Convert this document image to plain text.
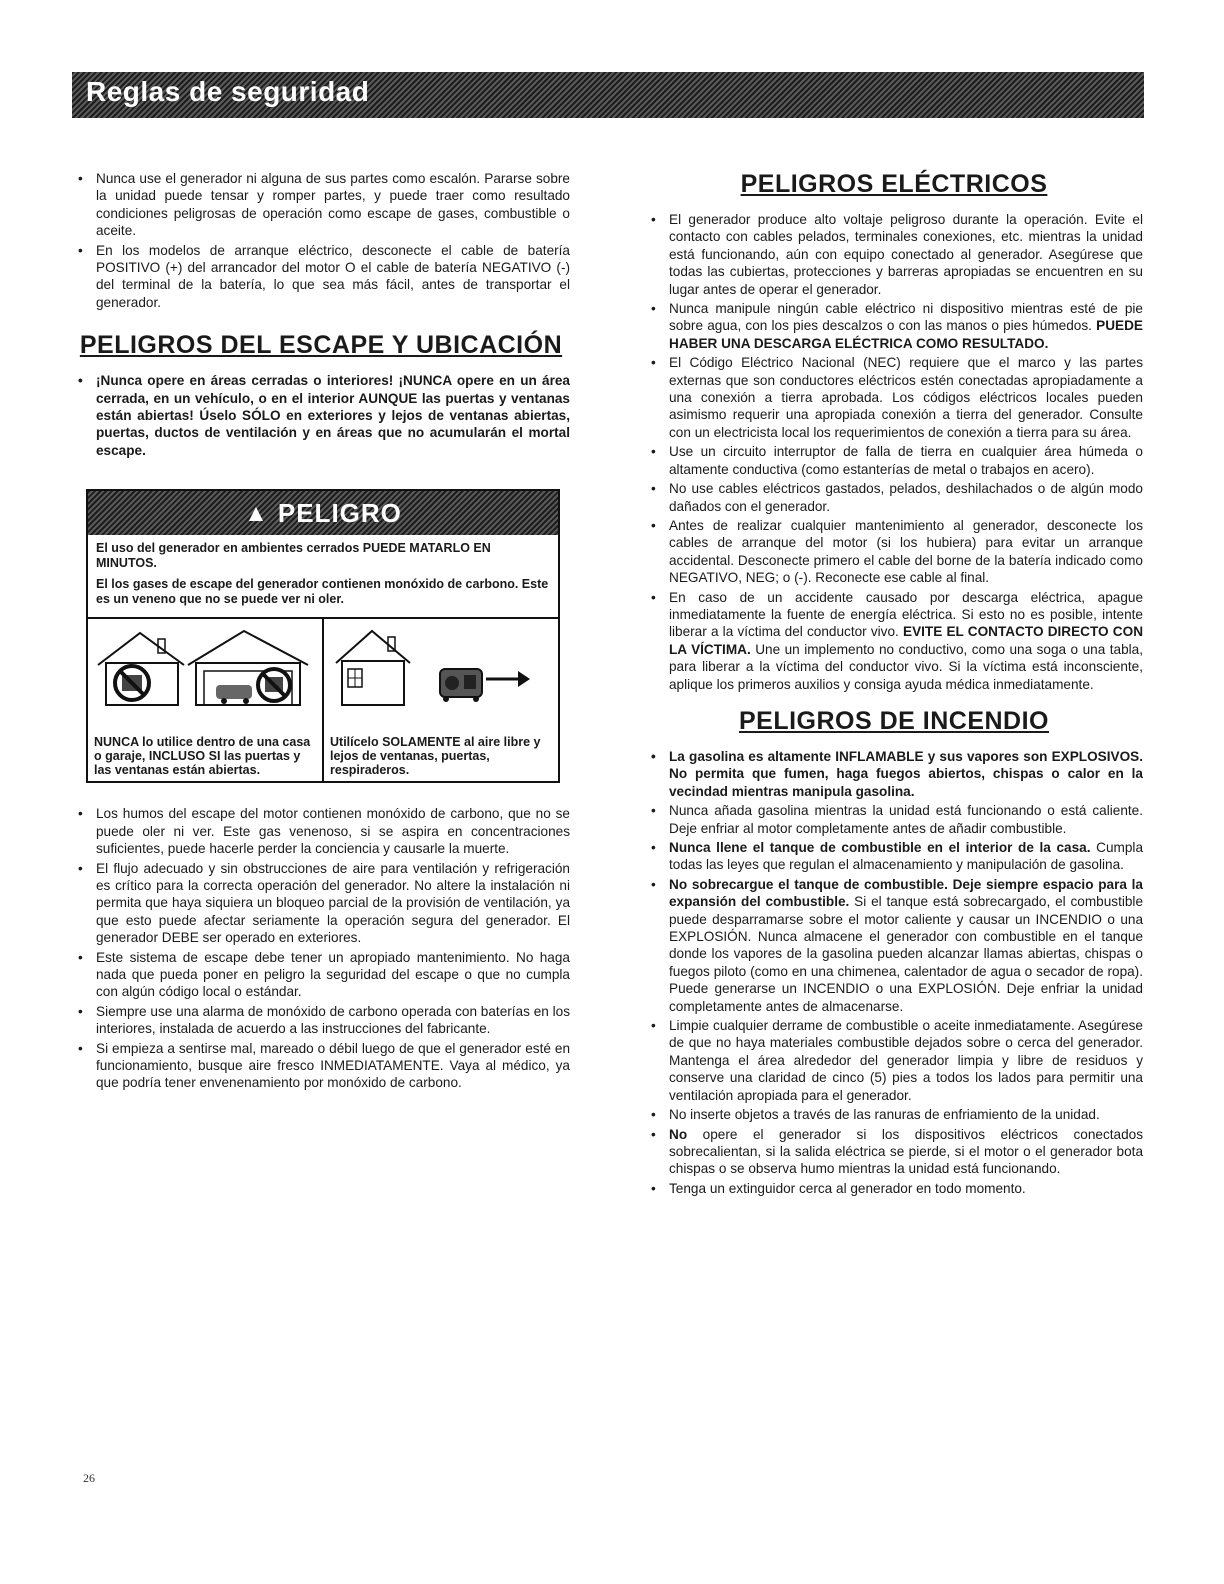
Reglas de seguridad
• Nunca use el generador ni alguna de sus partes como escalón. Pararse sobre la unidad puede tensar y romper partes, y puede traer como resultado condiciones peligrosas de operación como escape de gases, combustible o aceite.
• En los modelos de arranque eléctrico, desconecte el cable de batería POSITIVO (+) del arrancador del motor O el cable de batería NEGATIVO (-) del terminal de la batería, lo que sea más fácil, antes de transportar el generador.
PELIGROS DEL ESCAPE Y UBICACIÓN
• ¡Nunca opere en áreas cerradas o interiores! ¡NUNCA opere en un área cerrada, en un vehículo, o en el interior AUNQUE las puertas y ventanas están abiertas! Úselo SÓLO en exteriores y lejos de ventanas abiertas, puertas, ductos de ventilación y en áreas que no acumularán el mortal escape.
▲ PELIGRO

El uso del generador en ambientes cerrados PUEDE MATARLO EN MINUTOS.

El los gases de escape del generador contienen monóxido de carbono. Este es un veneno que no se puede ver ni oler.

NUNCA lo utilice dentro de una casa o garaje, INCLUSO SI las puertas y las ventanas están abiertas.
Utilícelo SOLAMENTE al aire libre y lejos de ventanas, puertas, respiraderos.
• Los humos del escape del motor contienen monóxido de carbono, que no se puede oler ni ver. Este gas venenoso, si se aspira en concentraciones suficientes, puede hacerle perder la conciencia y causarle la muerte.
• El flujo adecuado y sin obstrucciones de aire para ventilación y refrigeración es crítico para la correcta operación del generador. No altere la instalación ni permita que haya siquiera un bloqueo parcial de la provisión de ventilación, ya que esto puede afectar seriamente la operación segura del generador. El generador DEBE ser operado en exteriores.
• Este sistema de escape debe tener un apropiado mantenimiento. No haga nada que pueda poner en peligro la seguridad del escape o que no cumpla con algún código local o estándar.
• Siempre use una alarma de monóxido de carbono operada con baterías en los interiores, instalada de acuerdo a las instrucciones del fabricante.
• Si empieza a sentirse mal, mareado o débil luego de que el generador esté en funcionamiento, busque aire fresco INMEDIATAMENTE. Vaya al médico, ya que podría tener envenenamiento por monóxido de carbono.
PELIGROS ELÉCTRICOS
• El generador produce alto voltaje peligroso durante la operación. Evite el contacto con cables pelados, terminales conexiones, etc. mientras la unidad está funcionando, aún con equipo conectado al generador. Asegúrese que todas las cubiertas, protecciones y barreras apropiadas se encuentren en su lugar antes de operar el generador.
• Nunca manipule ningún cable eléctrico ni dispositivo mientras esté de pie sobre agua, con los pies descalzos o con las manos o pies húmedos. PUEDE HABER UNA DESCARGA ELÉCTRICA COMO RESULTADO.
• El Código Eléctrico Nacional (NEC) requiere que el marco y las partes externas que son conductores eléctricos estén conectadas apropiadamente a una conexión a tierra aprobada. Los códigos eléctricos locales pueden asimismo requerir una apropiada conexión a tierra del generador. Consulte con un electricista local los requerimientos de conexión a tierra para su área.
• Use un circuito interruptor de falla de tierra en cualquier área húmeda o altamente conductiva (como estanterías de metal o trabajos en acero).
• No use cables eléctricos gastados, pelados, deshilachados o de algún modo dañados con el generador.
• Antes de realizar cualquier mantenimiento al generador, desconecte los cables de arranque del motor (si los hubiera) para evitar un arranque accidental. Desconecte primero el cable del borne de la batería indicado como NEGATIVO, NEG; o (-). Reconecte ese cable al final.
• En caso de un accidente causado por descarga eléctrica, apague inmediatamente la fuente de energía eléctrica. Si esto no es posible, intente liberar a la víctima del conductor vivo. EVITE EL CONTACTO DIRECTO CON LA VÍCTIMA. Une un implemento no conductivo, como una soga o una tabla, para liberar a la víctima del conductor vivo. Si la víctima está inconsciente, aplique los primeros auxilios y consiga ayuda médica inmediatamente.
PELIGROS DE INCENDIO
• La gasolina es altamente INFLAMABLE y sus vapores son EXPLOSIVOS. No permita que fumen, haga fuegos abiertos, chispas o calor en la vecindad mientras manipula gasolina.
• Nunca añada gasolina mientras la unidad está funcionando o está caliente. Deje enfriar al motor completamente antes de añadir combustible.
• Nunca llene el tanque de combustible en el interior de la casa. Cumpla todas las leyes que regulan el almacenamiento y manipulación de gasolina.
• No sobrecargue el tanque de combustible. Deje siempre espacio para la expansión del combustible. Si el tanque está sobrecargado, el combustible puede desparramarse sobre el motor caliente y causar un INCENDIO o una EXPLOSIÓN. Nunca almacene el generador con combustible en el tanque donde los vapores de la gasolina pueden alcanzar llamas abiertas, chispas o fuegos piloto (como en una chimenea, calentador de agua o secador de ropa). Puede generarse un INCENDIO o una EXPLOSIÓN. Deje enfriar la unidad completamente antes de almacenarse.
• Limpie cualquier derrame de combustible o aceite inmediatamente. Asegúrese de que no haya materiales combustible dejados sobre o cerca del generador. Mantenga el área alrededor del generador limpia y libre de residuos y conserve una claridad de cinco (5) pies a todos los lados para permitir una ventilación apropiada para el generador.
• No inserte objetos a través de las ranuras de enfriamiento de la unidad.
• No opere el generador si los dispositivos eléctricos conectados sobrecalientan, si la salida eléctrica se pierde, si el motor o el generador bota chispas o se observa humo mientras la unidad está funcionando.
• Tenga un extinguidor cerca al generador en todo momento.
26
